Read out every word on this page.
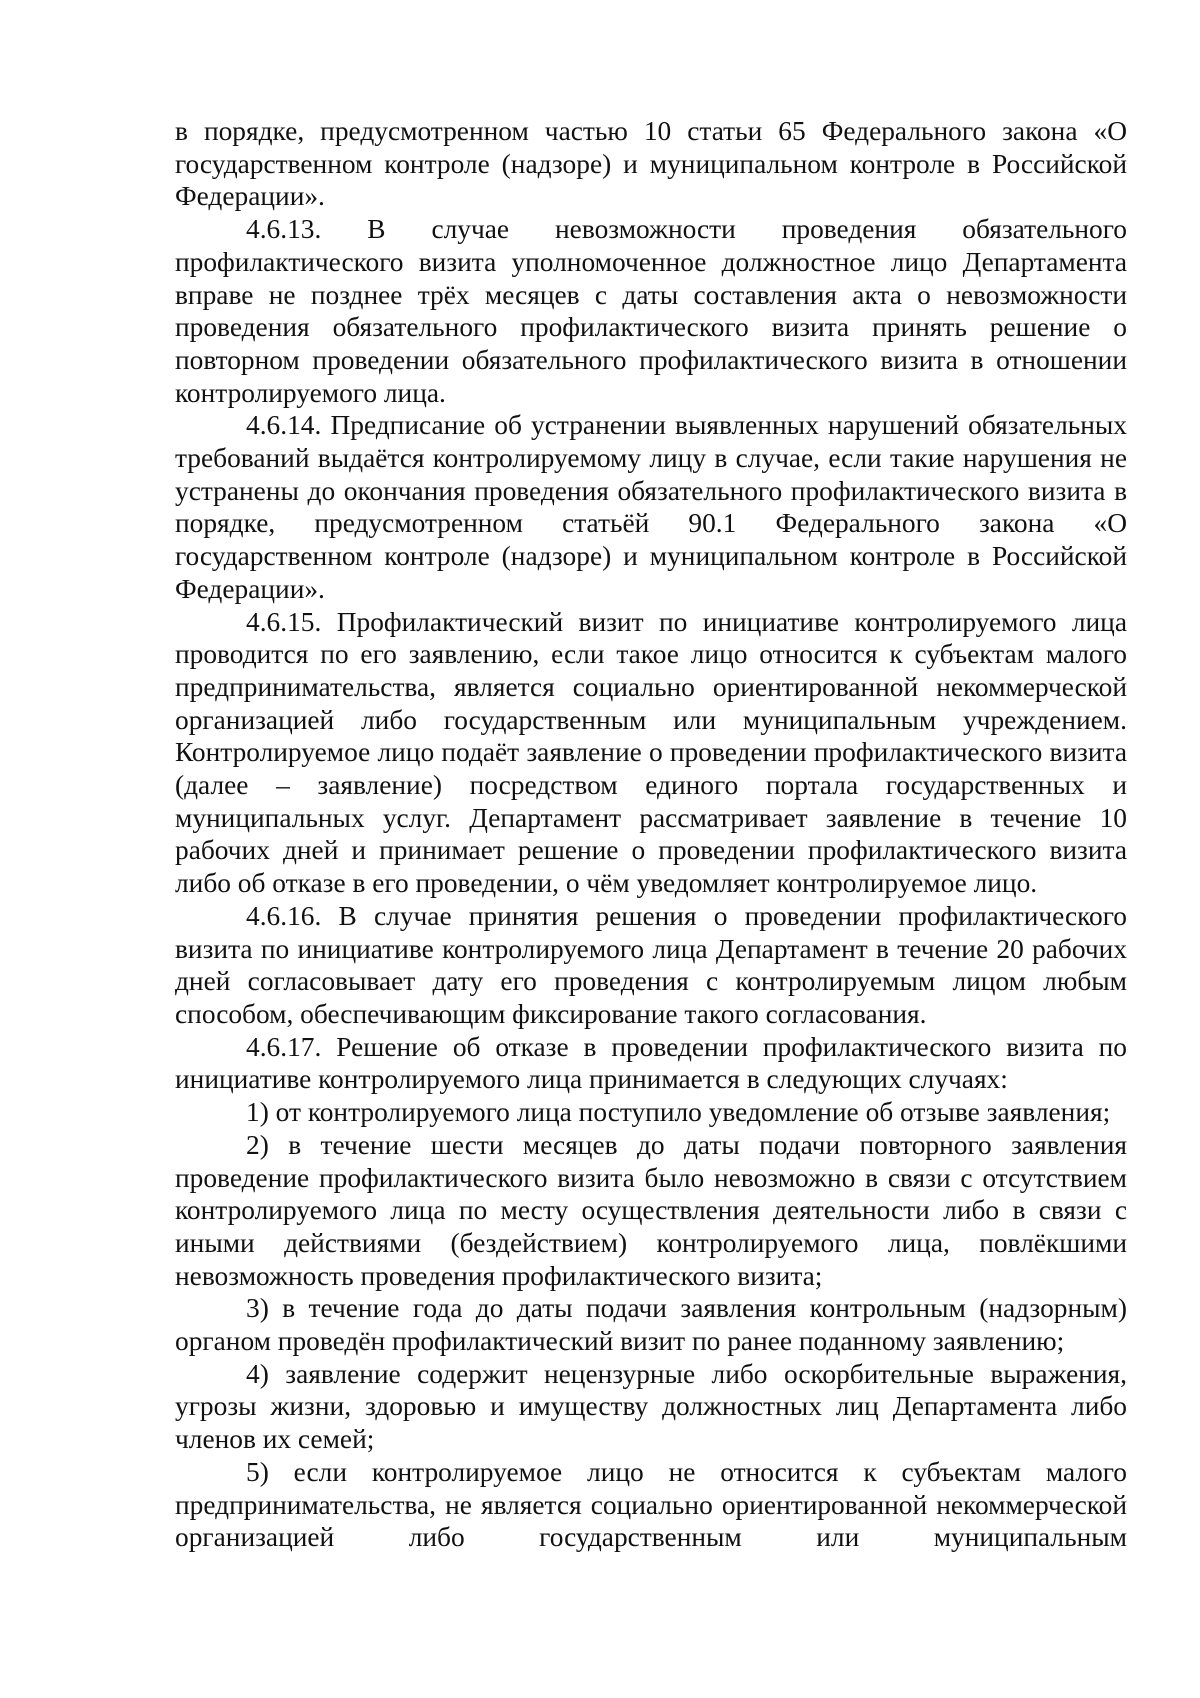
в порядке, предусмотренном частью 10 статьи 65 Федерального закона «О государственном контроле (надзоре) и муниципальном контроле в Российской Федерации».

4.6.13. В случае невозможности проведения обязательного профилактического визита уполномоченное должностное лицо Департамента вправе не позднее трёх месяцев с даты составления акта о невозможности проведения обязательного профилактического визита принять решение о повторном проведении обязательного профилактического визита в отношении контролируемого лица.

4.6.14. Предписание об устранении выявленных нарушений обязательных требований выдаётся контролируемому лицу в случае, если такие нарушения не устранены до окончания проведения обязательного профилактического визита в порядке, предусмотренном статьёй 90.1 Федерального закона «О государственном контроле (надзоре) и муниципальном контроле в Российской Федерации».

4.6.15. Профилактический визит по инициативе контролируемого лица проводится по его заявлению, если такое лицо относится к субъектам малого предпринимательства, является социально ориентированной некоммерческой организацией либо государственным или муниципальным учреждением. Контролируемое лицо подаёт заявление о проведении профилактического визита (далее – заявление) посредством единого портала государственных и муниципальных услуг. Департамент рассматривает заявление в течение 10 рабочих дней и принимает решение о проведении профилактического визита либо об отказе в его проведении, о чём уведомляет контролируемое лицо.

4.6.16. В случае принятия решения о проведении профилактического визита по инициативе контролируемого лица Департамент в течение 20 рабочих дней согласовывает дату его проведения с контролируемым лицом любым способом, обеспечивающим фиксирование такого согласования.

4.6.17. Решение об отказе в проведении профилактического визита по инициативе контролируемого лица принимается в следующих случаях:

1) от контролируемого лица поступило уведомление об отзыве заявления;

2) в течение шести месяцев до даты подачи повторного заявления проведение профилактического визита было невозможно в связи с отсутствием контролируемого лица по месту осуществления деятельности либо в связи с иными действиями (бездействием) контролируемого лица, повлёкшими невозможность проведения профилактического визита;

3) в течение года до даты подачи заявления контрольным (надзорным) органом проведён профилактический визит по ранее поданному заявлению;

4) заявление содержит нецензурные либо оскорбительные выражения, угрозы жизни, здоровью и имуществу должностных лиц Департамента либо членов их семей;

5) если контролируемое лицо не относится к субъектам малого предпринимательства, не является социально ориентированной некоммерческой организацией либо государственным или муниципальным
